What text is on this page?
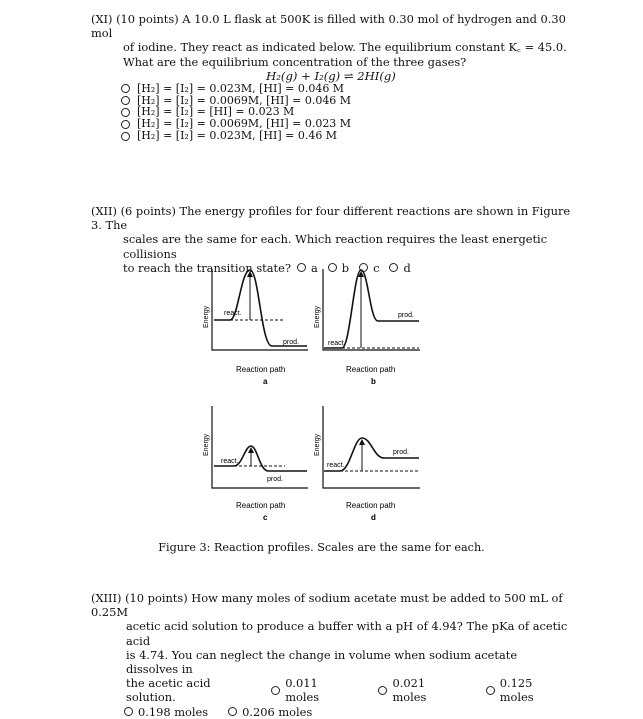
(XI) (10 points) A 10.0 L flask at 500K is filled with 0.30 mol of hydrogen and 0.30 mol

of iodine. They react as indicated below. The equilibrium constant K꜀ = 45.0.

What are the equilibrium concentration of the three gases?

H₂(g) + I₂(g) ⇌ 2HI(g)

[H₂] = [I₂] = 0.023M, [HI] = 0.046 M
[H₂] = [I₂] = 0.0069M, [HI] = 0.046 M
[H₂] = [I₂] = [HI] = 0.023 M
[H₂] = [I₂] = 0.0069M, [HI] = 0.023 M
[H₂] = [I₂] = 0.023M, [HI] = 0.46 M

(XII) (6 points) The energy profiles for four different reactions are shown in Figure 3. The

scales are the same for each. Which reaction requires the least energetic collisions

to reach the transition state? a b c d

Energy react.
prod.
Reaction path
a
Energy
react.
prod.
Reaction path
b
Energy
react.
prod.
Reaction path
c
Energy
react.
prod.
Reaction path
d

Figure 3: Reaction profiles. Scales are the same for each.

(XIII) (10 points) How many moles of sodium acetate must be added to 500 mL of 0.25M

acetic acid solution to produce a buffer with a pH of 4.94? The pKa of acetic acid

is 4.74. You can neglect the change in volume when sodium acetate dissolves in

the acetic acid solution.
0.011 moles
0.021 moles
0.125 moles

0.198 moles	0.206 moles
